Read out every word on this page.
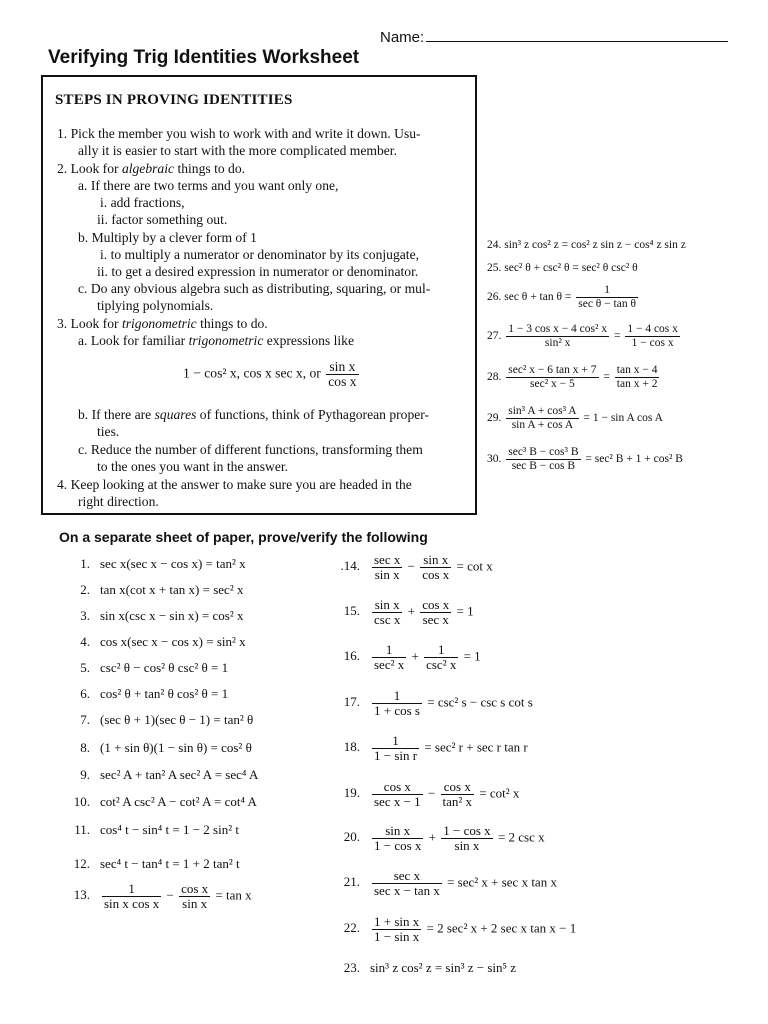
Name:
Verifying Trig Identities Worksheet
STEPS IN PROVING IDENTITIES
1. Pick the member you wish to work with and write it down. Usu-
ally it is easier to start with the more complicated member.
2. Look for algebraic things to do.
a. If there are two terms and you want only one,
i. add fractions,
ii. factor something out.
b. Multiply by a clever form of 1
i. to multiply a numerator or denominator by its conjugate,
ii. to get a desired expression in numerator or denominator.
c. Do any obvious algebra such as distributing, squaring, or mul-
tiplying polynomials.
3. Look for trigonometric things to do.
a. Look for familiar trigonometric expressions like
1 − cos² x, cos x sec x, or $\frac{\text{sin x}}{\text{cos x}}$
b. If there are squares of functions, think of Pythagorean proper-
ties.
c. Reduce the number of different functions, transforming them
to the ones you want in the answer.
4. Keep looking at the answer to make sure you are headed in the
right direction.
24. sin³ z cos² z = cos² z sin z − cos⁴ z sin z
25. sec² θ + csc² θ = sec² θ csc² θ
26. $\sec \theta + \tan \theta = \frac{1}{\text{sec θ − tan θ}}$
27. $\frac{\text{1 − 3 cos x − 4 cos² x}}{\text{sin² x}} = \frac{\text{1 − 4 cos x}}{\text{1 − cos x}}$
28. $\frac{\text{sec² x − 6 tan x + 7}}{\text{sec² x − 5}} = \frac{\text{tan x − 4}}{\text{tan x + 2}}$
29. $\frac{\text{sin³ A + cos³ A}}{\text{sin A + cos A}} = 1 - \sin A$ cos A
30. $\frac{\text{sec³ B − cos³ B}}{\text{sec B − cos B}} = \sec^2$ B + 1 + cos² B
On a separate sheet of paper, prove/verify the following
1. sec x(sec x − cos x) = tan² x
2. tan x(cot x + tan x) = sec² x
3. sin x(csc x − sin x) = cos² x
4. cos x(sec x − cos x) = sin² x
5. csc² θ − cos² θ csc² θ = 1
6. cos² θ + tan² θ cos² θ = 1
7. (sec θ + 1)(sec θ − 1) = tan² θ
8. (1 + sin θ)(1 − sin θ) = cos² θ
9. sec² A + tan² A sec² A = sec⁴ A
10. cot² A csc² A − cot² A = cot⁴ A
11. cos⁴ t − sin⁴ t = 1 − 2 sin² t
12. sec⁴ t − tan⁴ t = 1 + 2 tan² t
13. $\frac{1}{\text{sin x cos x}} - \frac{\text{cos x}}{\text{sin x}} = \tan x$
.14. $\frac{\text{sec x}}{\text{sin x}} - \frac{\text{sin x}}{\text{cos x}} = \cot x$
15. $\frac{\text{sin x}}{\text{csc x}} + \frac{\text{cos x}}{\text{sec x}} = 1$
16. $\frac{1}{\text{sec² x}} + \frac{1}{\text{csc² x}} = 1$
17. $\frac{1}{\text{1 + cos s}} = \csc^2$ s − csc s cot s
18. $\frac{1}{\text{1 − sin r}} = \sec^2$ r + sec r tan r
19. $\frac{\text{cos x}}{\text{sec x − 1}} - \frac{\text{cos x}}{\text{tan² x}} = \cot^2$ x
20. $\frac{\text{sin x}}{\text{1 − cos x}} + \frac{\text{1 − cos x}}{\text{sin x}} = 2$ csc x
21. $\frac{\text{sec x}}{\text{sec x − tan x}} = \sec^2$ x + sec x tan x
22. $\frac{\text{1 + sin x}}{\text{1 − sin x}} = 2$ sec² x + 2 sec x tan x − 1
23. sin³ z cos² z = sin³ z − sin⁵ z
